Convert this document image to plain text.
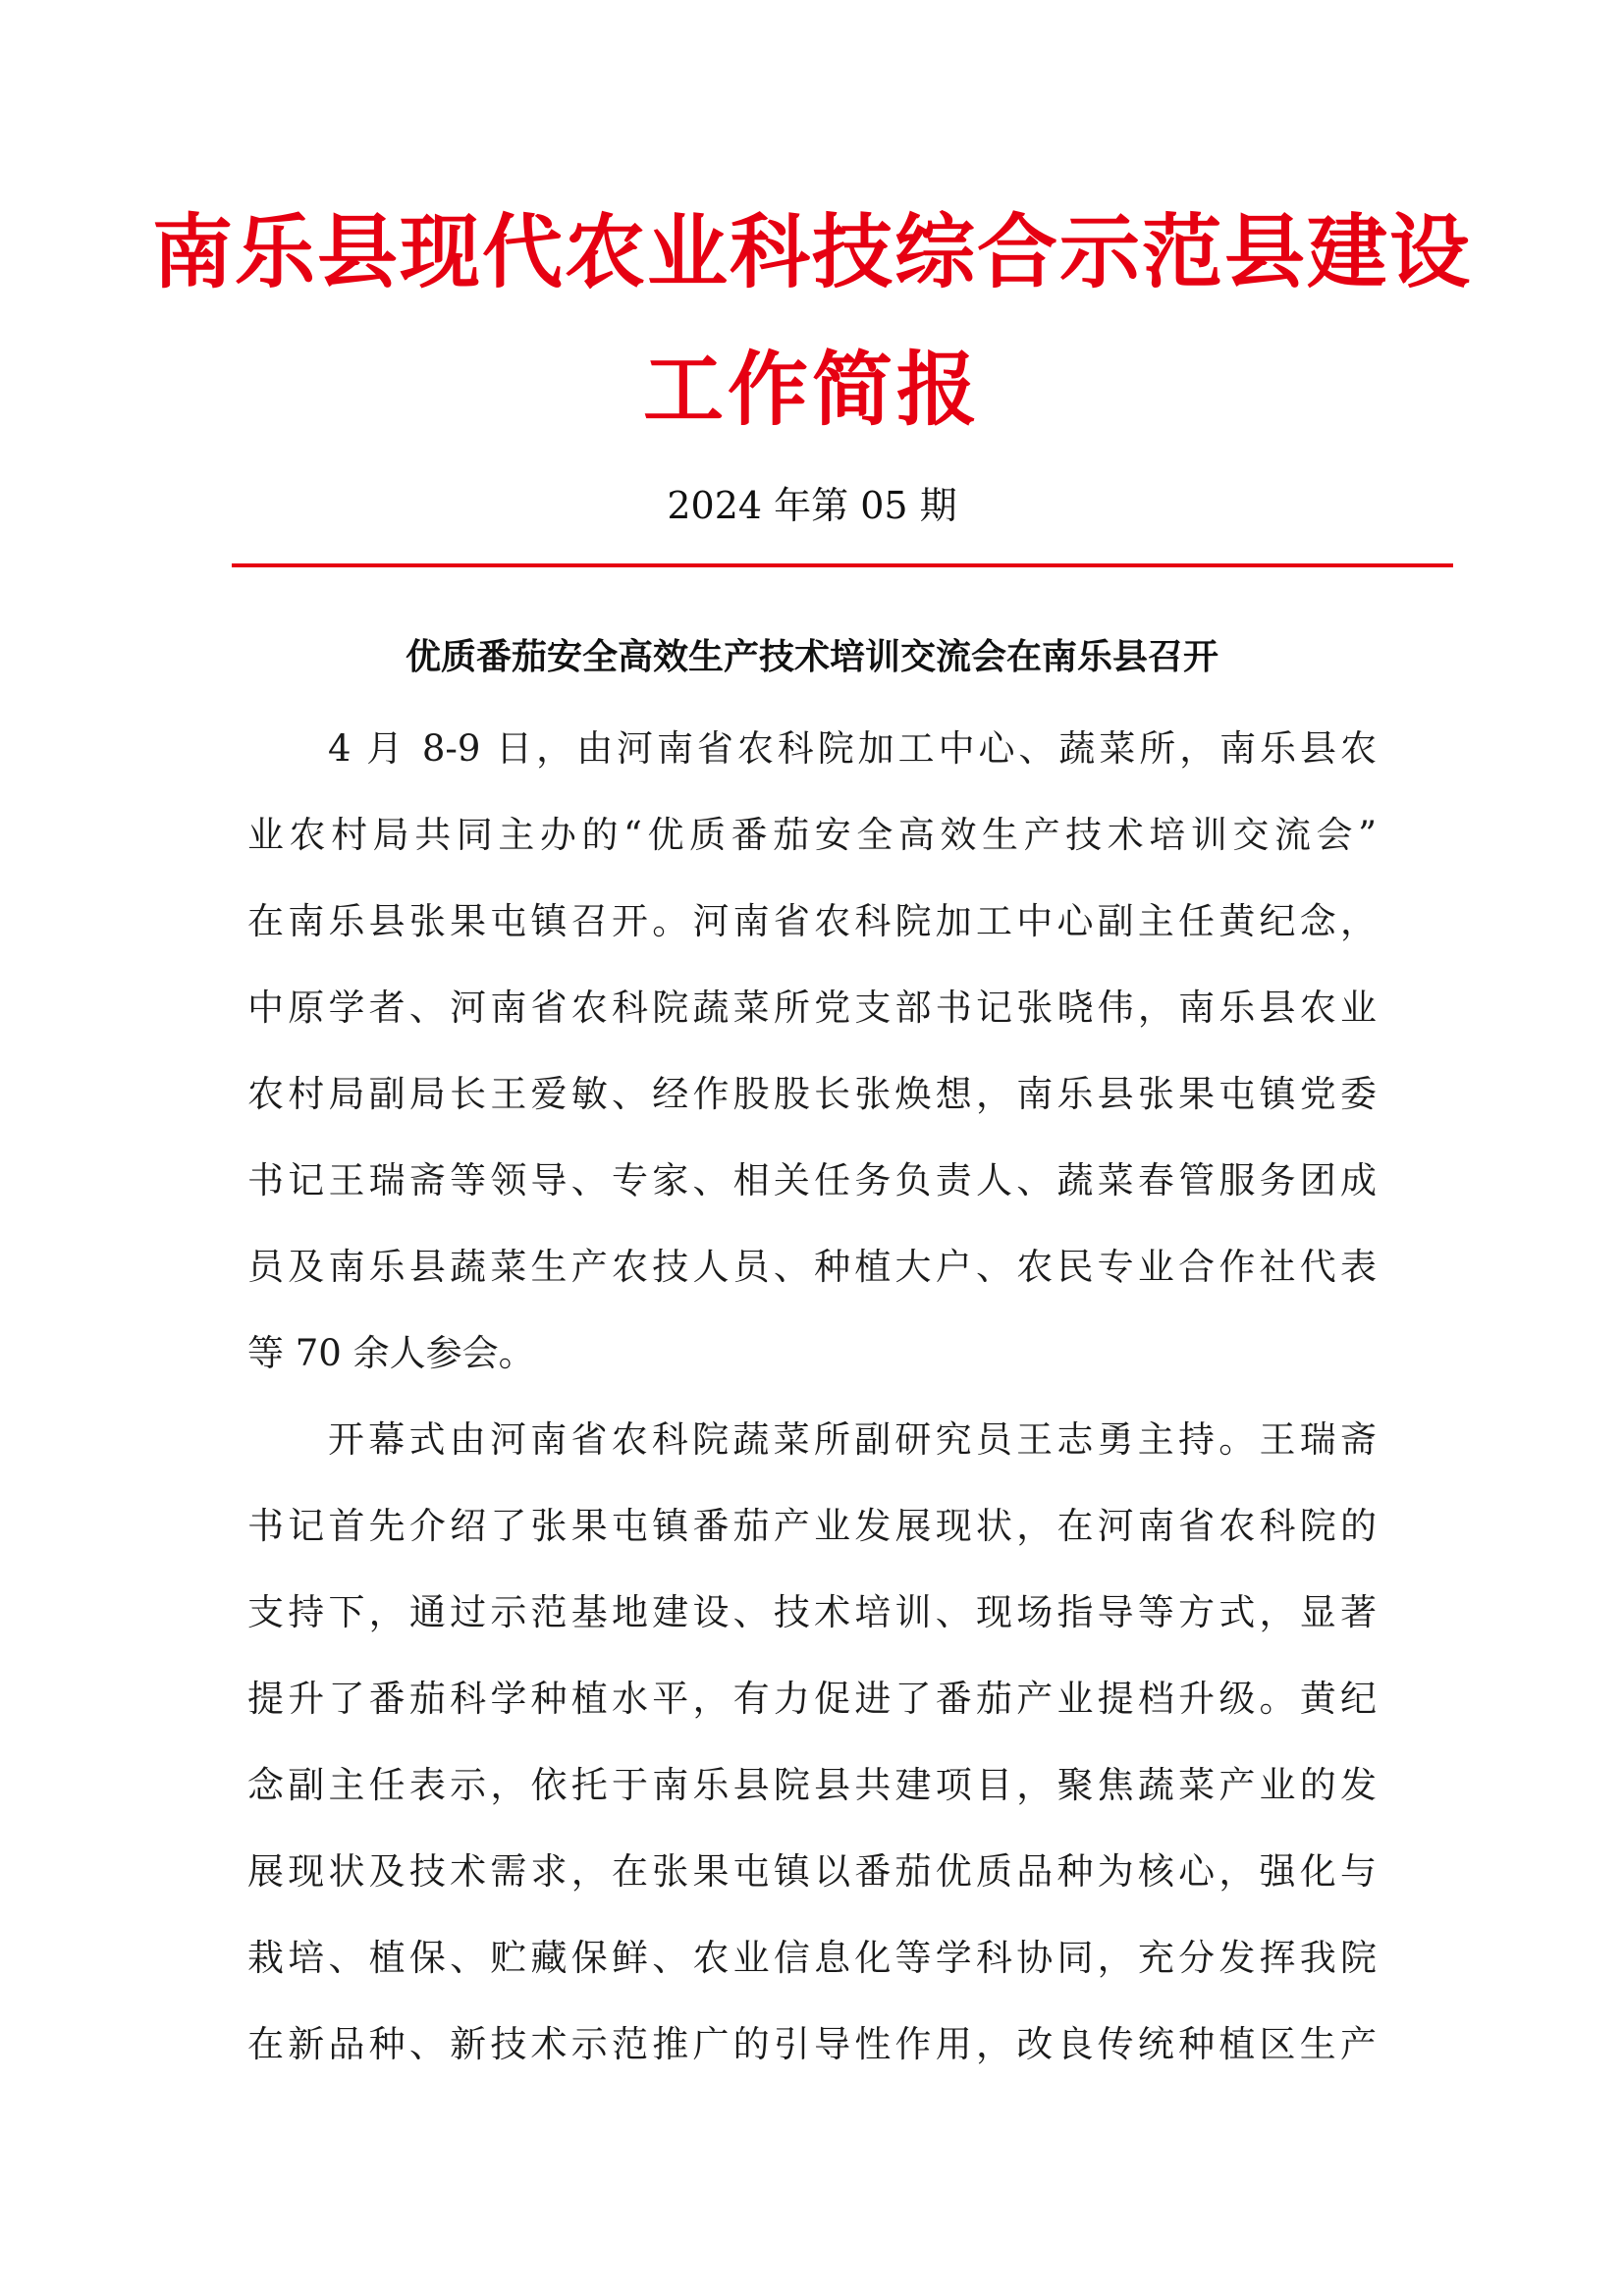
南乐县现代农业科技综合示范县建设
工作简报
2024 年第 05 期
优质番茄安全高效生产技术培训交流会在南乐县召开
4 月 8-9 日，由河南省农科院加工中心、蔬菜所，南乐县农
业农村局共同主办的“优质番茄安全高效生产技术培训交流会”
在南乐县张果屯镇召开。河南省农科院加工中心副主任黄纪念，
中原学者、河南省农科院蔬菜所党支部书记张晓伟，南乐县农业
农村局副局长王爱敏、经作股股长张焕想，南乐县张果屯镇党委
书记王瑞斋等领导、专家、相关任务负责人、蔬菜春管服务团成
员及南乐县蔬菜生产农技人员、种植大户、农民专业合作社代表
等 70 余人参会。
开幕式由河南省农科院蔬菜所副研究员王志勇主持。王瑞斋
书记首先介绍了张果屯镇番茄产业发展现状，在河南省农科院的
支持下，通过示范基地建设、技术培训、现场指导等方式，显著
提升了番茄科学种植水平，有力促进了番茄产业提档升级。黄纪
念副主任表示，依托于南乐县院县共建项目，聚焦蔬菜产业的发
展现状及技术需求，在张果屯镇以番茄优质品种为核心，强化与
栽培、植保、贮藏保鲜、农业信息化等学科协同，充分发挥我院
在新品种、新技术示范推广的引导性作用，改良传统种植区生产
